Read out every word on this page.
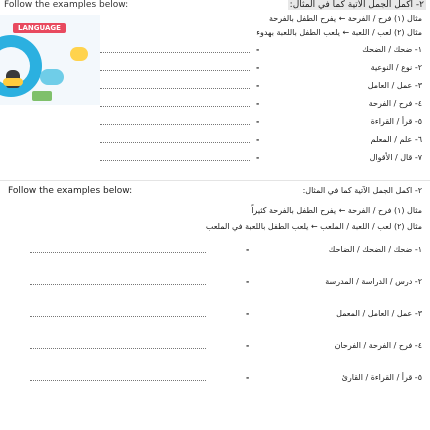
Follow the examples below:	٢- اكمل الجمل الآتية كما في المثال:
LANGUAGE
مثال (١) فرح / الفرحة ← يفرح الطفل بالفرحة
مثال (٢) لعب / اللعبة ← يلعب الطفل باللعبة بهدوء
-	١- ضحك / الضحك
-	٢- نوع / النوعية
-	٣- عمل / العامل
-	٤- فرح / الفرحة
-	٥- قرأ / القراءة
-	٦- علم / المعلم
-	٧- قال / الأقوال
Follow the examples below:	٢- اكمل الجمل الآتية كما في المثال:
مثال (١) فرح / الفرحة ← يفرح الطفل بالفرحة كثيراً
مثال (٢) لعب / اللعبة / الملعب ← يلعب الطفل باللعبة في الملعب
-	١- ضحك / الضحك / الضاحك
-	٢- درس / الدراسة / المدرسة
-	٣- عمل / العامل / المعمل
-	٤- فرح / الفرحة / الفرحان
-	٥- قرأ / القراءة / القارئ
